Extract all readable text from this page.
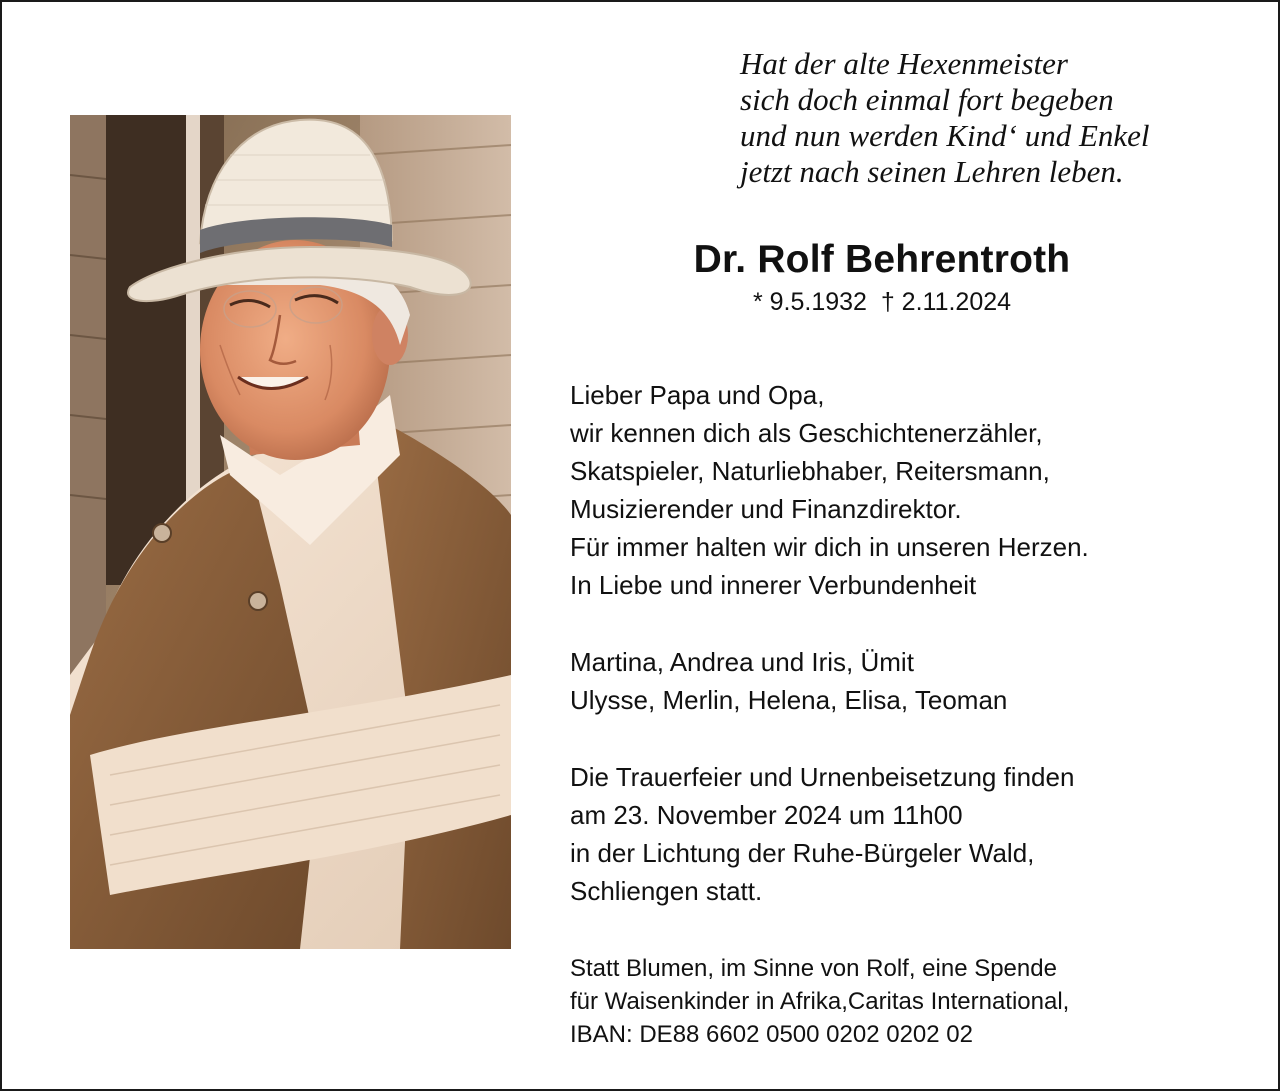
Hat der alte Hexenmeister
sich doch einmal fort begeben
und nun werden Kind‘ und Enkel
jetzt nach seinen Lehren leben.
Dr. Rolf Behrentroth
* 9.5.1932  † 2.11.2024
Lieber Papa und Opa,
wir kennen dich als Geschichtenerzähler,
Skatspieler, Naturliebhaber, Reitersmann,
Musizierender und Finanzdirektor.
Für immer halten wir dich in unseren Herzen.
In Liebe und innerer Verbundenheit
Martina, Andrea und Iris, Ümit
Ulysse, Merlin, Helena, Elisa, Teoman
Die Trauerfeier und Urnenbeisetzung finden
am 23. November 2024 um 11h00
in der Lichtung der Ruhe-Bürgeler Wald,
Schliengen statt.
Statt Blumen, im Sinne von Rolf, eine Spende
für Waisenkinder in Afrika,Caritas International,
IBAN: DE88 6602 0500 0202 0202 02
